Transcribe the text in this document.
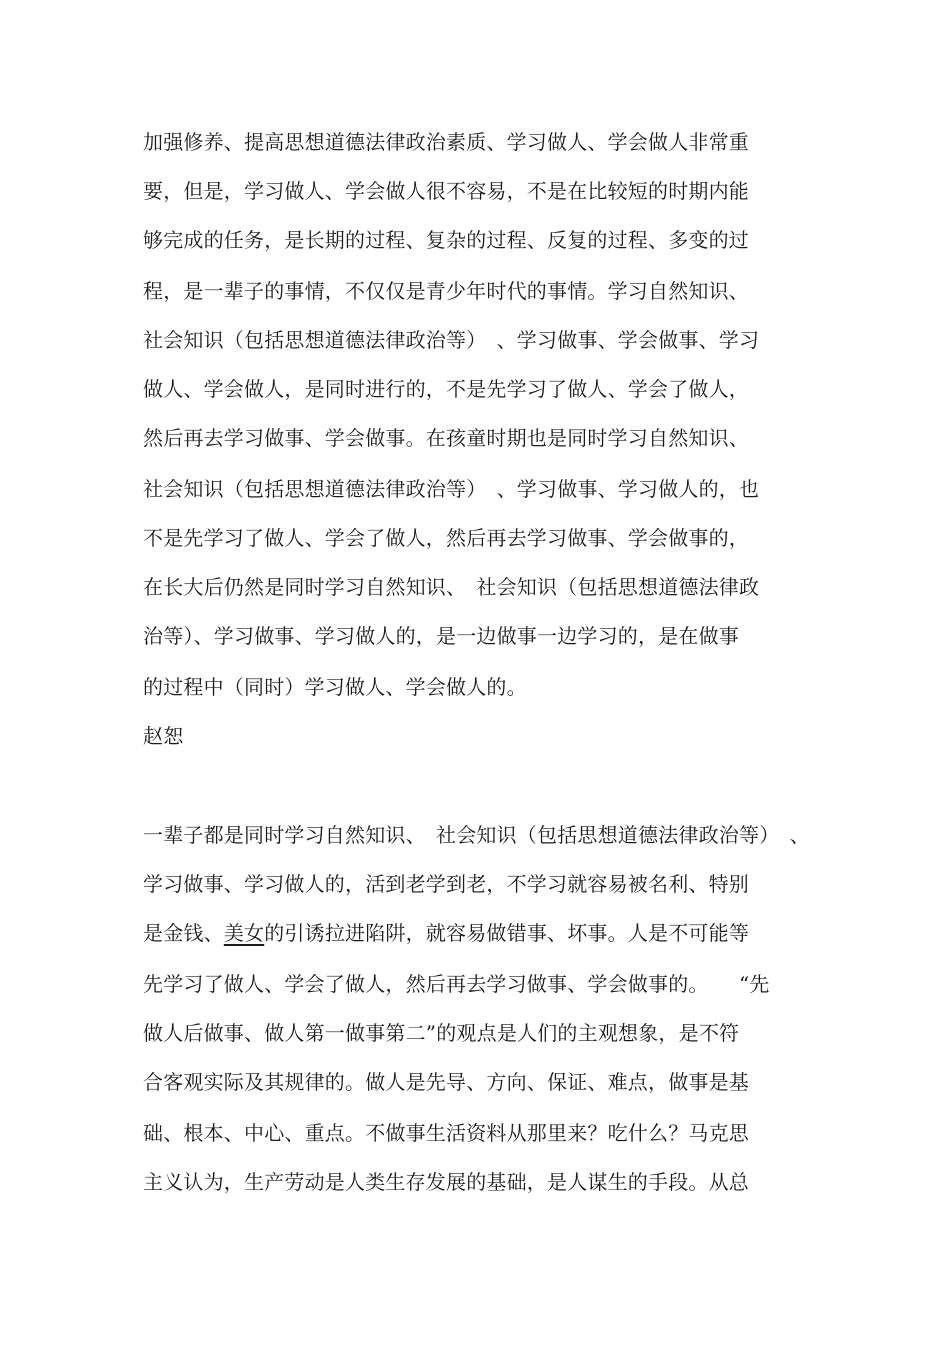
加强修养、提高思想道德法律政治素质、学习做人、学会做人非常重
要，但是，学习做人、学会做人很不容易，不是在比较短的时期内能
够完成的任务，是长期的过程、复杂的过程、反复的过程、多变的过
程，是一辈子的事情，不仅仅是青少年时代的事情。学习自然知识、
社会知识（包括思想道德法律政治等）　、学习做事、学会做事、学习
做人、学会做人，是同时进行的，不是先学习了做人、学会了做人，
然后再去学习做事、学会做事。在孩童时期也是同时学习自然知识、
社会知识（包括思想道德法律政治等）　、学习做事、学习做人的，也
不是先学习了做人、学会了做人，然后再去学习做事、学会做事的，
在长大后仍然是同时学习自然知识、　社会知识（包括思想道德法律政
治等）、学习做事、学习做人的，是一边做事一边学习的，是在做事
的过程中（同时）学习做人、学会做人的。
赵恕
一辈子都是同时学习自然知识、　社会知识（包括思想道德法律政治等）　、
学习做事、学习做人的，活到老学到老，不学习就容易被名利、特别
是金钱、美女的引诱拉进陷阱，就容易做错事、坏事。人是不可能等
先学习了做人、学会了做人，然后再去学习做事、学会做事的。　　“先
做人后做事、做人第一做事第二”的观点是人们的主观想象，是不符
合客观实际及其规律的。做人是先导、方向、保证、难点，做事是基
础、根本、中心、重点。不做事生活资料从那里来？吃什么？马克思
主义认为，生产劳动是人类生存发展的基础，是人谋生的手段。从总
